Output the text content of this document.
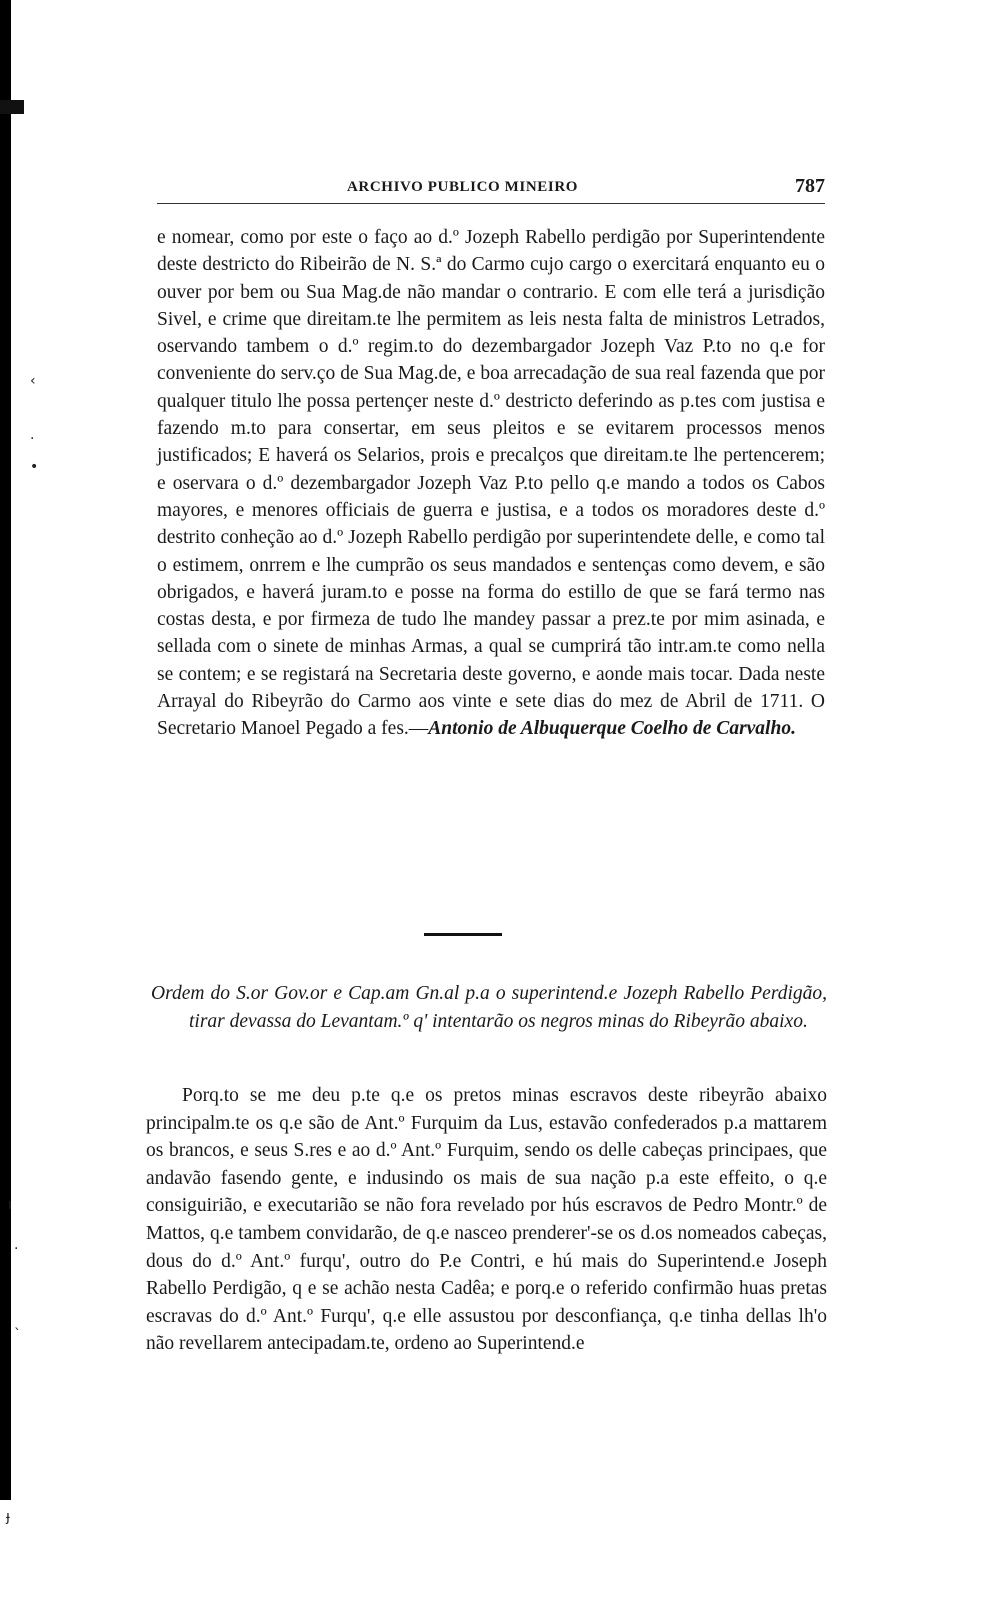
‹
·
•
ı
·
`
ɟ
ARCHIVO PUBLICO MINEIRO	787

e nomear, como por este o faço ao d.º Jozeph Rabello perdigão por Superintendente deste destricto do Ribeirão de N. S.ª do Carmo cujo cargo o exercitará enquanto eu o ouver por bem ou Sua Mag.de não mandar o contrario. E com elle terá a jurisdição Sivel, e crime que direitam.te lhe permitem as leis nesta falta de ministros Letrados, oservando tambem o d.º regim.to do dezembargador Jozeph Vaz P.to no q.e for conveniente do serv.ço de Sua Mag.de, e boa arrecadação de sua real fazenda que por qualquer titulo lhe possa pertençer neste d.º destricto deferindo as p.tes com justisa e fazendo m.to para consertar, em seus pleitos e se evitarem processos menos justificados; E haverá os Selarios, prois e precalços que direitam.te lhe pertencerem; e oservara o d.º dezembargador Jozeph Vaz P.to pello q.e mando a todos os Cabos mayores, e menores officiais de guerra e justisa, e a todos os moradores deste d.º destrito conheção ao d.º Jozeph Rabello perdigão por superintendete delle, e como tal o estimem, onrrem e lhe cumprão os seus mandados e sentenças como devem, e são obrigados, e haverá juram.to e posse na forma do estillo de que se fará termo nas costas desta, e por firmeza de tudo lhe mandey passar a prez.te por mim asinada, e sellada com o sinete de minhas Armas, a qual se cumprirá tão intr.am.te como nella se contem; e se registará na Secretaria deste governo, e aonde mais tocar. Dada neste Arrayal do Ribeyrão do Carmo aos vinte e sete dias do mez de Abril de 1711. O Secretario Manoel Pegado a fes.—Antonio de Albuquerque Coelho de Carvalho.

Ordem do S.or Gov.or e Cap.am Gn.al p.a o superintend.e Jozeph Rabello Perdigão, tirar devassa do Levantam.º q' intentarão os negros minas do Ribeyrão abaixo.

Porq.to se me deu p.te q.e os pretos minas escravos deste ribeyrão abaixo principalm.te os q.e são de Ant.º Furquim da Lus, estavão confederados p.a mattarem os brancos, e seus S.res e ao d.º Ant.º Furquim, sendo os delle cabeças principaes, que andavão fasendo gente, e indusindo os mais de sua nação p.a este effeito, o q.e consiguirião, e executarião se não fora revelado por hús escravos de Pedro Montr.º de Mattos, q.e tambem convidarão, de q.e nasceo prenderer'-se os d.os nomeados cabeças, dous do d.º Ant.º furqu', outro do P.e Contri, e hú mais do Superintend.e Joseph Rabello Perdigão, q e se achão nesta Cadêa; e porq.e o referido confirmão huas pretas escravas do d.º Ant.º Furqu', q.e elle assustou por desconfiança, q.e tinha dellas lh'o não revellarem antecipadam.te, ordeno ao Superintend.e
